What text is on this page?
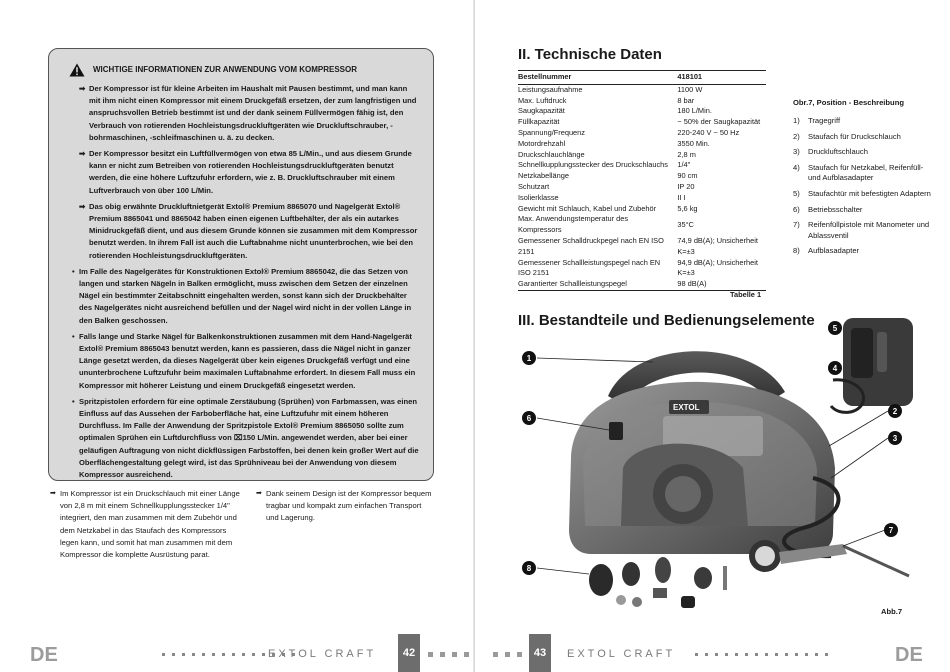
WICHTIGE INFORMATIONEN ZUR ANWENDUNG VOM KOMPRESSOR
➡ Der Kompressor ist für kleine Arbeiten im Haushalt mit Pausen bestimmt, und man kann mit ihm nicht einen Kompressor mit einem Druckgefäß ersetzen, der zum langfristigen und anspruchsvollen Betrieb bestimmt ist und der dank seinem Füllvermögen fähig ist, den Verbrauch von rotierenden Hochleistungsdruckluftgeräten wie Druckluftschrauber, -bohrmaschinen, -schleifmaschinen u. ä. zu decken.
➡ Der Kompressor besitzt ein Luftfüllvermögen von etwa 85 L/Min., und aus diesem Grunde kann er nicht zum Betreiben von rotierenden Hochleistungsdruckluftgeräten benutzt werden, die eine höhere Luftzufuhr erfordern, wie z. B. Druckluftschrauber mit einem Luftverbrauch von über 100 L/Min.
➡ Das obig erwähnte Druckluftnietgerät Extol® Premium 8865070 und Nagelgerät Extol® Premium 8865041 und 8865042 haben einen eigenen Luftbehälter, der als ein autarkes Minidruckgefäß dient, und aus diesem Grunde können sie zusammen mit dem Kompressor benutzt werden. In ihrem Fall ist auch die Luftabnahme nicht ununterbrochen, wie bei den rotierenden Hochleistungsdruckluftgeräten.
• Im Falle des Nagelgerätes für Konstruktionen Extol® Premium 8865042, die das Setzen von langen und starken Nägeln in Balken ermöglicht, muss zwischen dem Setzen der einzelnen Nägel ein bestimmter Zeitabschnitt eingehalten werden, sonst kann sich der Druckbehälter des Nagelgerätes nicht ausreichend befüllen und der Nagel wird nicht in der vollen Länge in den Balken geschossen.
• Falls lange und Starke Nägel für Balkenkonstruktionen zusammen mit dem Hand-Nagelgerät Extol® Premium 8865043 benutzt werden, kann es passieren, dass die Nägel nicht in ganzer Länge gesetzt werden, da dieses Nagelgerät über kein eigenes Druckgefäß verfügt und eine ununterbrochene Luftzufuhr beim maximalen Luftabnahme erfordert. In diesem Fall muss ein Kompressor mit höherer Leistung und einem Druckgefäß eingesetzt werden.
• Spritzpistolen erfordern für eine optimale Zerstäubung (Sprühen) von Farbmassen, was einen Einfluss auf das Aussehen der Farboberfläche hat, eine Luftzufuhr mit einem höheren Durchfluss. Im Falle der Anwendung der Spritzpistole Extol® Premium 8865050 sollte zum optimalen Sprühen ein Luftdurchfluss von ⌧150 L/Min. angewendet werden, aber bei einer geläufigen Auftragung von nicht dickflüssigen Farbstoffen, bei denen kein großer Wert auf die Oberflächengestaltung gelegt wird, ist das Sprühniveau bei der Anwendung von diesem Kompressor ausreichend.
➡ Im Kompressor ist ein Druckschlauch mit einer Länge von 2,8 m mit einem Schnellkupplungsstecker 1/4" integriert, den man zusammen mit dem Zubehör und dem Netzkabel in das Staufach des Kompressors legen kann, und somit hat man zusammen mit dem Kompressor die komplette Ausrüstung parat.
➡ Dank seinem Design ist der Kompressor bequem tragbar und kompakt zum einfachen Transport und Lagerung.
DE	EXTOL CRAFT	42
II. Technische Daten
Bestellnummer	418101
Leistungsaufnahme	1100 W
Max. Luftdruck	8 bar
Saugkapazität	180 L/Min.
Füllkapazität	~ 50% der Saugkapazität
Spannung/Frequenz	220-240 V ~ 50 Hz
Motordrehzahl	3550 Min.
Druckschlauchlänge	2,8 m
Schnellkupplungsstecker des Druckschlauchs	1/4"
Netzkabellänge	90 cm
Schutzart	IP 20
Isolierklasse	II I
Gewicht mit Schlauch, Kabel und Zubehör	5,6 kg
Max. Anwendungstemperatur des Kompressors	35°C
Gemessener Schalldruckpegel nach EN ISO 2151	74,9 dB(A); Unsicherheit K=±3
Gemessener Schallleistungspegel nach EN ISO 2151	94,9 dB(A); Unsicherheit K=±3
Garantierter Schallleistungspegel	98 dB(A)
Tabelle 1
Obr.7, Position - Beschreibung
1) Tragegriff
2) Staufach für Druckschlauch
3) Druckluftschlauch
4) Staufach für Netzkabel, Reifenfüll- und Aufblasadapter
5) Staufachtür mit befestigten Adaptern
6) Betriebsschalter
7) Reifenfüllpistole mit Manometer und Ablassventil
8) Aufblasadapter
III. Bestandteile und Bedienungselemente
EXTOL
1
6
2
3
5
4
7
8
Abb.7
43	EXTOL CRAFT	DE
